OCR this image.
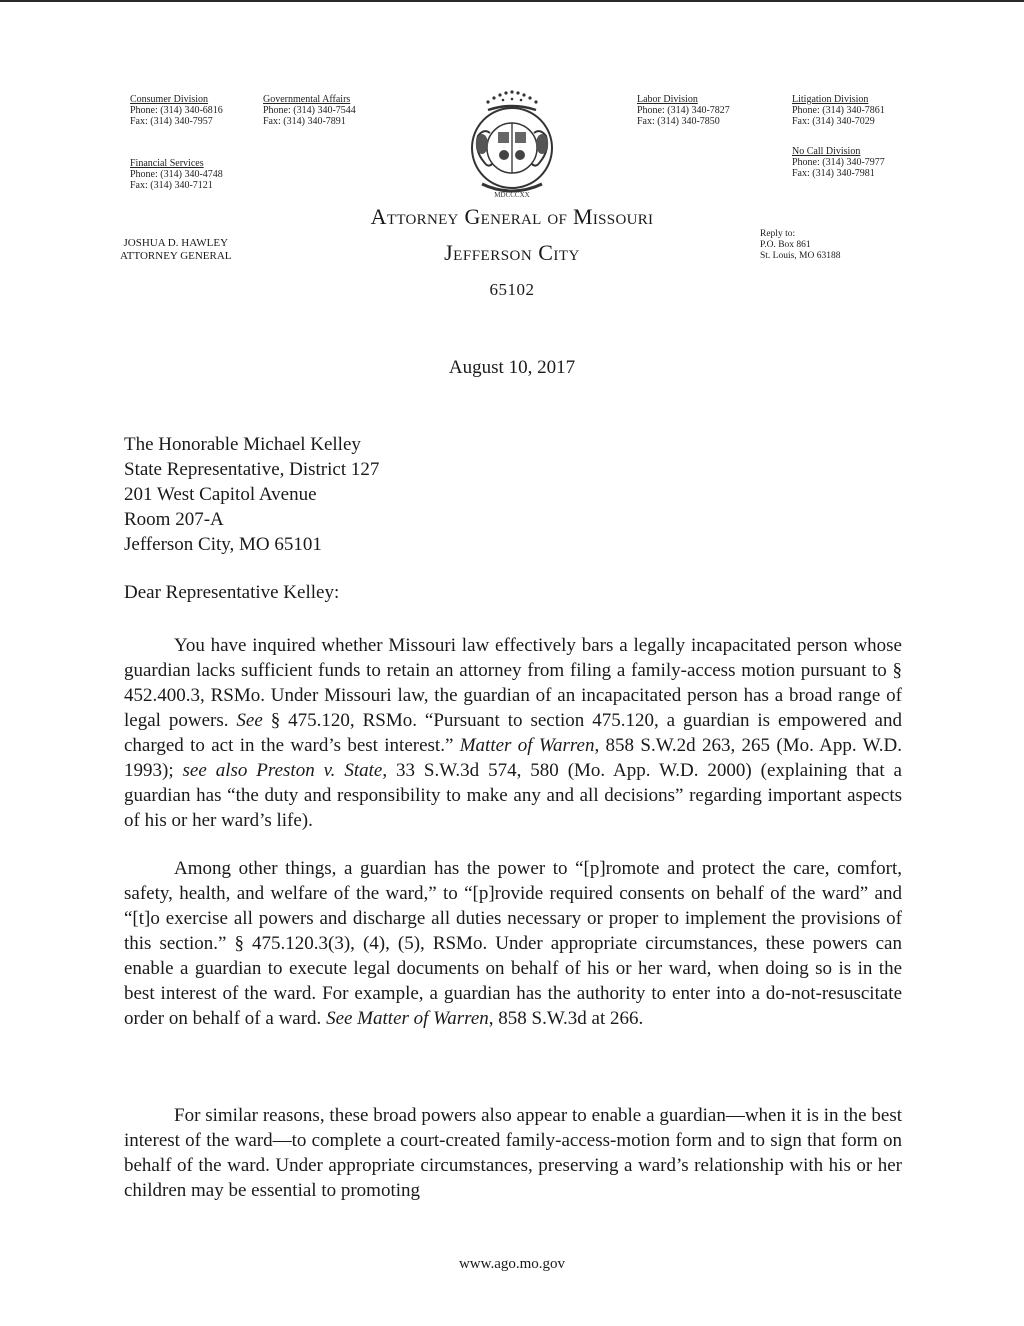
Consumer Division
Phone: (314) 340-6816
Fax: (314) 340-7957
Governmental Affairs
Phone: (314) 340-7544
Fax: (314) 340-7891
Financial Services
Phone: (314) 340-4748
Fax: (314) 340-7121
Labor Division
Phone: (314) 340-7827
Fax: (314) 340-7850
Litigation Division
Phone: (314) 340-7861
Fax: (314) 340-7029
No Call Division
Phone: (314) 340-7977
Fax: (314) 340-7981
MDCCCXX
Attorney General of Missouri
Jefferson City
65102
JOSHUA D. HAWLEY
ATTORNEY GENERAL
Reply to:
P.O. Box 861
St. Louis, MO 63188
August 10, 2017
The Honorable Michael Kelley
State Representative, District 127
201 West Capitol Avenue
Room 207-A
Jefferson City, MO 65101
Dear Representative Kelley:
You have inquired whether Missouri law effectively bars a legally incapacitated person whose guardian lacks sufficient funds to retain an attorney from filing a family-access motion pursuant to § 452.400.3, RSMo. Under Missouri law, the guardian of an incapacitated person has a broad range of legal powers. See § 475.120, RSMo. “Pursuant to section 475.120, a guardian is empowered and charged to act in the ward’s best interest.” Matter of Warren, 858 S.W.2d 263, 265 (Mo. App. W.D. 1993); see also Preston v. State, 33 S.W.3d 574, 580 (Mo. App. W.D. 2000) (explaining that a guardian has “the duty and responsibility to make any and all decisions” regarding important aspects of his or her ward’s life).
Among other things, a guardian has the power to “[p]romote and protect the care, comfort, safety, health, and welfare of the ward,” to “[p]rovide required consents on behalf of the ward” and “[t]o exercise all powers and discharge all duties necessary or proper to implement the provisions of this section.” § 475.120.3(3), (4), (5), RSMo. Under appropriate circumstances, these powers can enable a guardian to execute legal documents on behalf of his or her ward, when doing so is in the best interest of the ward. For example, a guardian has the authority to enter into a do-not-resuscitate order on behalf of a ward. See Matter of Warren, 858 S.W.3d at 266.
For similar reasons, these broad powers also appear to enable a guardian—when it is in the best interest of the ward—to complete a court-created family-access-motion form and to sign that form on behalf of the ward. Under appropriate circumstances, preserving a ward’s relationship with his or her children may be essential to promoting
www.ago.mo.gov
